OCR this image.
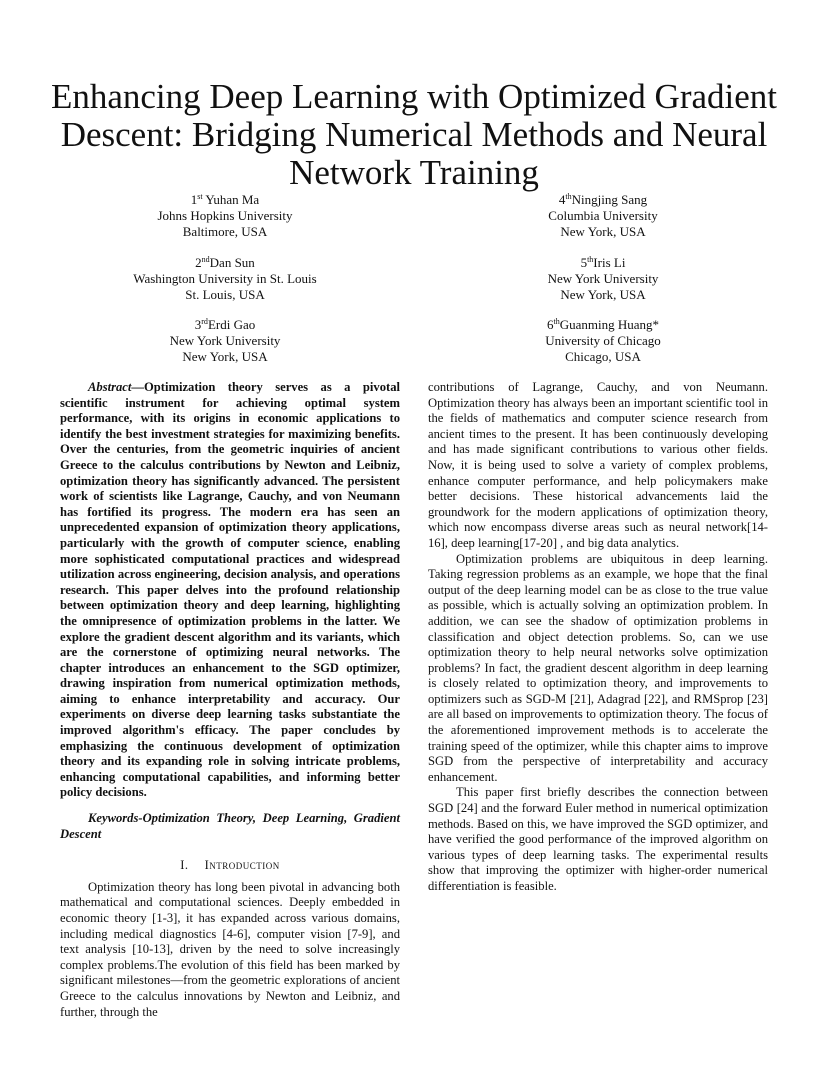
Enhancing Deep Learning with Optimized Gradient Descent: Bridging Numerical Methods and Neural Network Training
1st Yuhan Ma
Johns Hopkins University
Baltimore, USA
2ndDan Sun
Washington University in St. Louis
St. Louis, USA
3rdErdi Gao
New York University
New York, USA
4thNingjing Sang
Columbia University
New York, USA
5thIris Li
New York University
New York, USA
6thGuanming Huang*
University of Chicago
Chicago, USA

Abstract—Optimization theory serves as a pivotal scientific instrument for achieving optimal system performance, with its origins in economic applications to identify the best investment strategies for maximizing benefits. Over the centuries, from the geometric inquiries of ancient Greece to the calculus contributions by Newton and Leibniz, optimization theory has significantly advanced. The persistent work of scientists like Lagrange, Cauchy, and von Neumann has fortified its progress. The modern era has seen an unprecedented expansion of optimization theory applications, particularly with the growth of computer science, enabling more sophisticated computational practices and widespread utilization across engineering, decision analysis, and operations research. This paper delves into the profound relationship between optimization theory and deep learning, highlighting the omnipresence of optimization problems in the latter. We explore the gradient descent algorithm and its variants, which are the cornerstone of optimizing neural networks. The chapter introduces an enhancement to the SGD optimizer, drawing inspiration from numerical optimization methods, aiming to enhance interpretability and accuracy. Our experiments on diverse deep learning tasks substantiate the improved algorithm's efficacy. The paper concludes by emphasizing the continuous development of optimization theory and its expanding role in solving intricate problems, enhancing computational capabilities, and informing better policy decisions.

Keywords-Optimization Theory, Deep Learning, Gradient Descent

I. Introduction

Optimization theory has long been pivotal in advancing both mathematical and computational sciences. Deeply embedded in economic theory [1-3], it has expanded across various domains, including medical diagnostics [4-6], computer vision [7-9], and text analysis [10-13], driven by the need to solve increasingly complex problems.The evolution of this field has been marked by significant milestones—from the geometric explorations of ancient Greece to the calculus innovations by Newton and Leibniz, and further, through the

contributions of Lagrange, Cauchy, and von Neumann. Optimization theory has always been an important scientific tool in the fields of mathematics and computer science research from ancient times to the present. It has been continuously developing and has made significant contributions to various other fields. Now, it is being used to solve a variety of complex problems, enhance computer performance, and help policymakers make better decisions. These historical advancements laid the groundwork for the modern applications of optimization theory, which now encompass diverse areas such as neural network[14-16], deep learning[17-20] , and big data analytics.

Optimization problems are ubiquitous in deep learning. Taking regression problems as an example, we hope that the final output of the deep learning model can be as close to the true value as possible, which is actually solving an optimization problem. In addition, we can see the shadow of optimization problems in classification and object detection problems. So, can we use optimization theory to help neural networks solve optimization problems? In fact, the gradient descent algorithm in deep learning is closely related to optimization theory, and improvements to optimizers such as SGD-M [21], Adagrad [22], and RMSprop [23] are all based on improvements to optimization theory. The focus of the aforementioned improvement methods is to accelerate the training speed of the optimizer, while this chapter aims to improve SGD from the perspective of interpretability and accuracy enhancement.

This paper first briefly describes the connection between SGD [24] and the forward Euler method in numerical optimization methods. Based on this, we have improved the SGD optimizer, and have verified the good performance of the improved algorithm on various types of deep learning tasks. The experimental results show that improving the optimizer with higher-order numerical differentiation is feasible.
